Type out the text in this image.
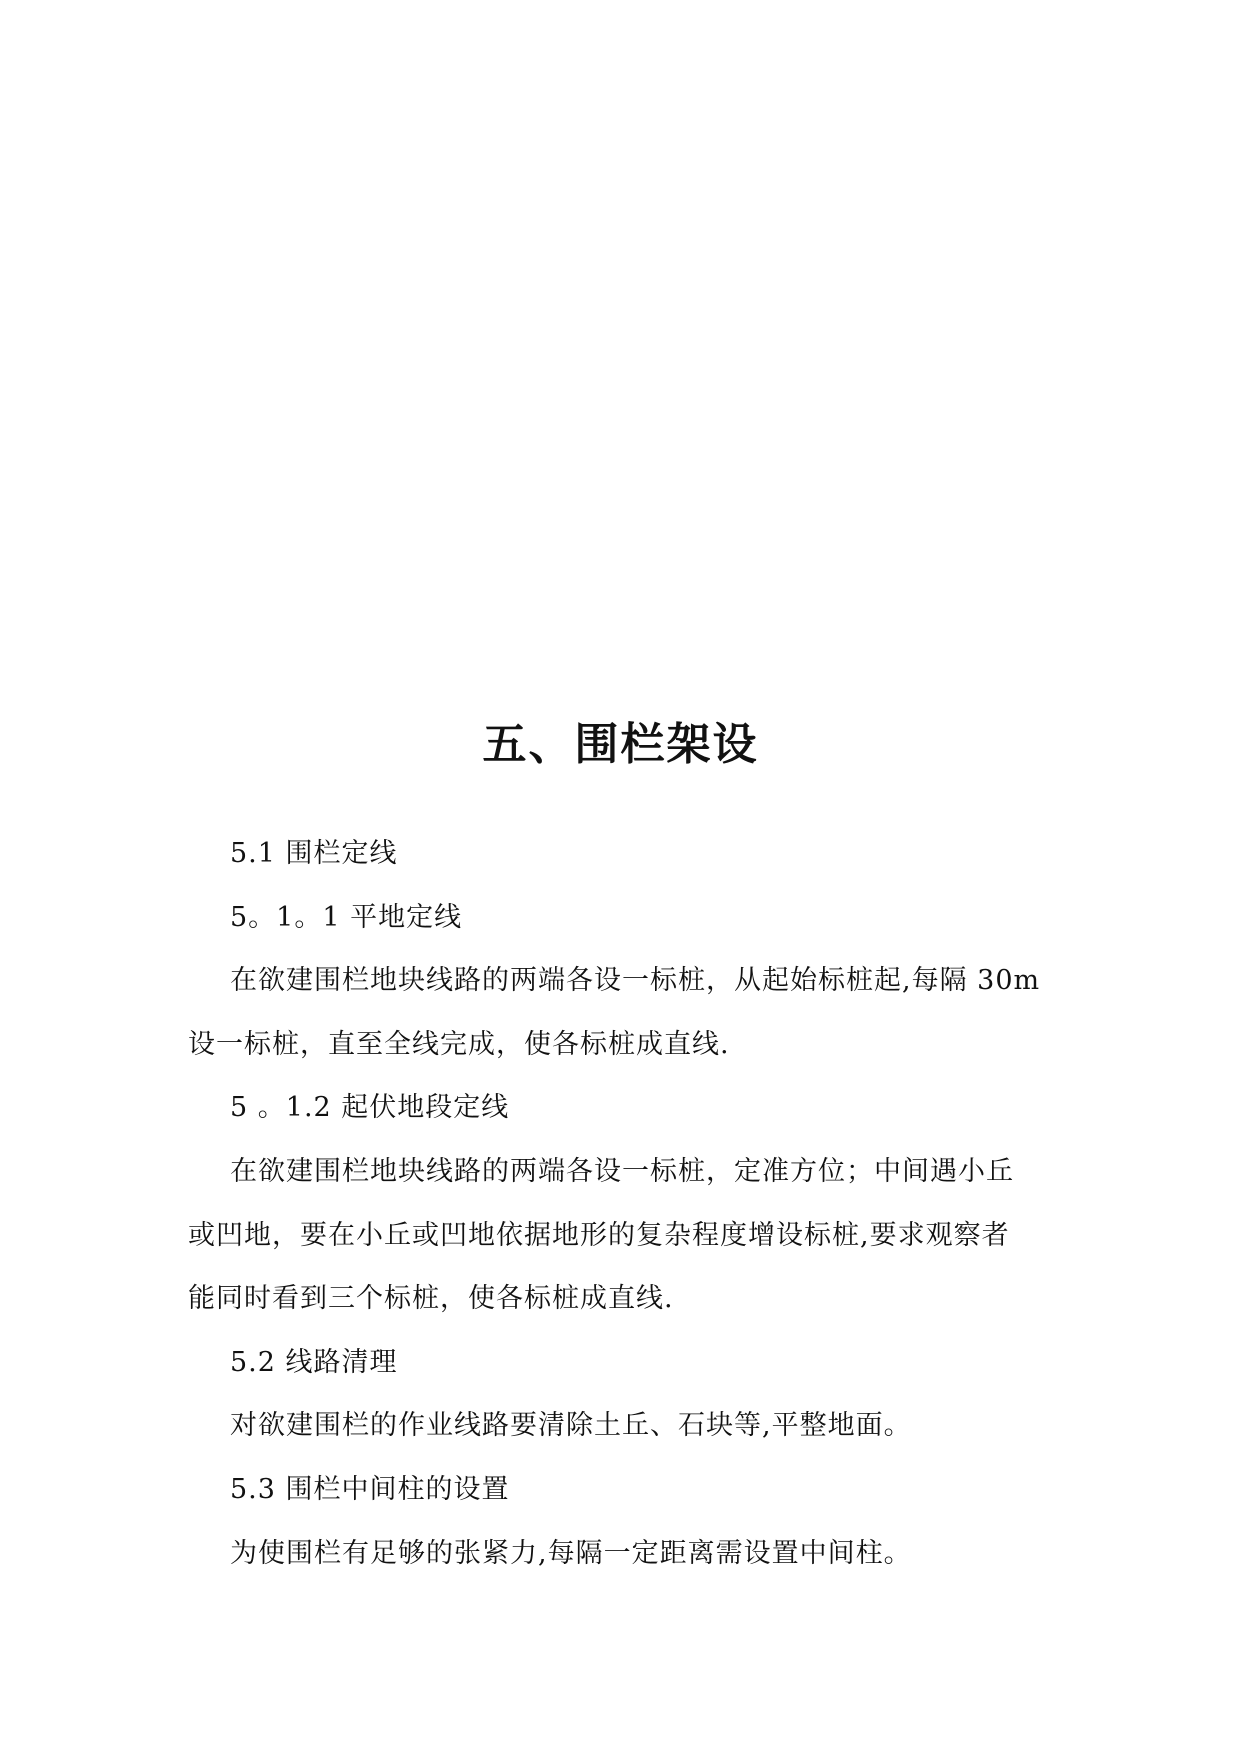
五、围栏架设
5.1 围栏定线
5。1。1 平地定线
在欲建围栏地块线路的两端各设一标桩，从起始标桩起,每隔 30m
设一标桩，直至全线完成，使各标桩成直线.
5 。1.2 起伏地段定线
在欲建围栏地块线路的两端各设一标桩，定准方位；中间遇小丘
或凹地，要在小丘或凹地依据地形的复杂程度增设标桩,要求观察者
能同时看到三个标桩，使各标桩成直线.
5.2 线路清理
对欲建围栏的作业线路要清除土丘、石块等,平整地面。
5.3 围栏中间柱的设置
为使围栏有足够的张紧力,每隔一定距离需设置中间柱。
